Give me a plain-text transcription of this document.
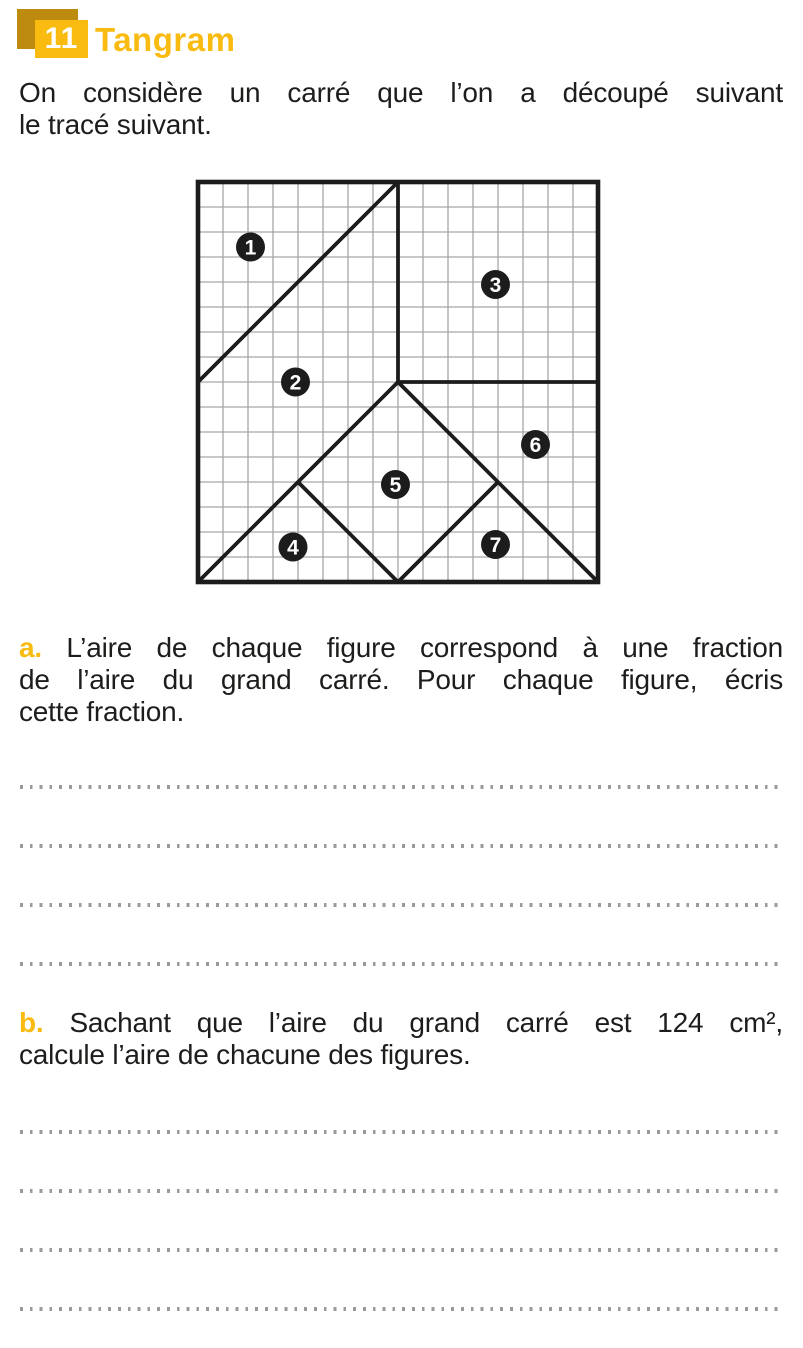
11 Tangram
On considère un carré que l’on a découpé suivant
le tracé suivant.
1
2
3
4
5
6
7
a. L’aire de chaque figure correspond à une fraction
de l’aire du grand carré. Pour chaque figure, écris
cette fraction.
b. Sachant que l’aire du grand carré est 124 cm²,
calcule l’aire de chacune des figures.
